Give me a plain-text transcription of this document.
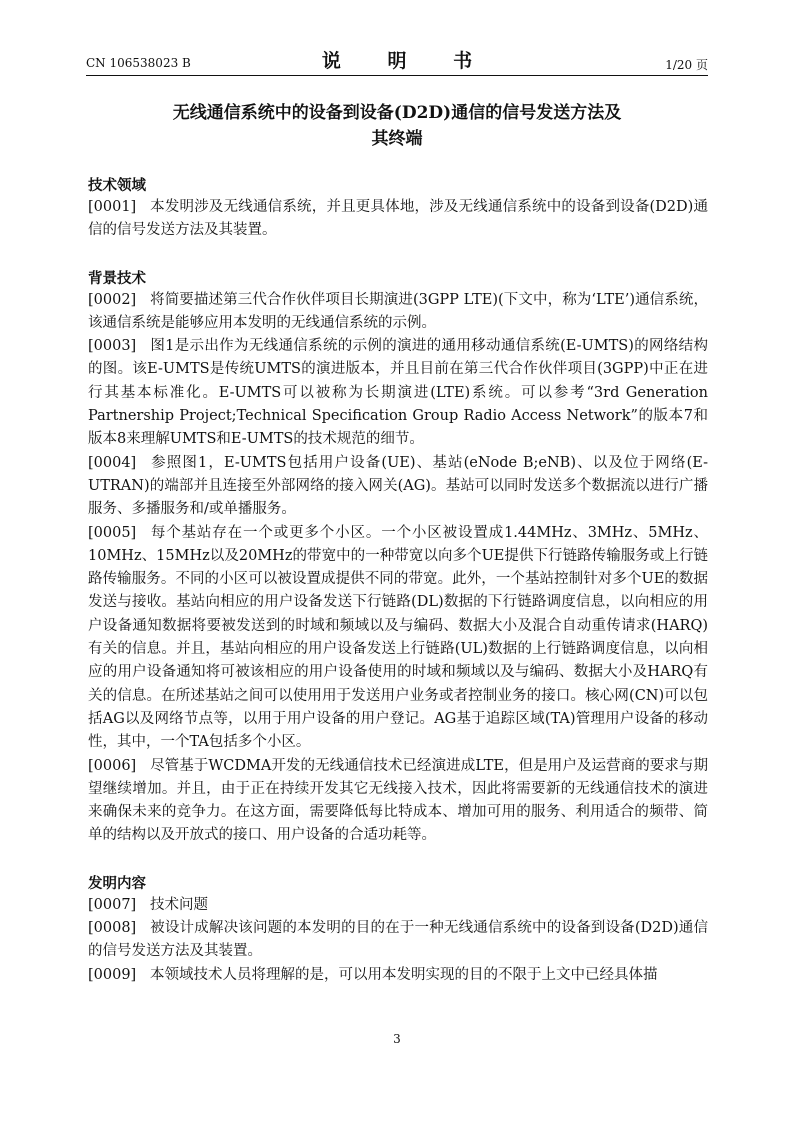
CN 106538023 B	说 明 书	1/20 页
无线通信系统中的设备到设备(D2D)通信的信号发送方法及
其终端
技术领域
[0001] 本发明涉及无线通信系统，并且更具体地，涉及无线通信系统中的设备到设备(D2D)通信的信号发送方法及其装置。
背景技术
[0002] 将简要描述第三代合作伙伴项目长期演进(3GPP LTE)(下文中，称为‘LTE’)通信系统，该通信系统是能够应用本发明的无线通信系统的示例。
[0003] 图1是示出作为无线通信系统的示例的演进的通用移动通信系统(E-UMTS)的网络结构的图。该E-UMTS是传统UMTS的演进版本，并且目前在第三代合作伙伴项目(3GPP)中正在进行其基本标准化。E-UMTS可以被称为长期演进(LTE)系统。可以参考“3rd Generation Partnership Project;Technical Specification Group Radio Access Network”的版本7和版本8来理解UMTS和E-UMTS的技术规范的细节。
[0004] 参照图1，E-UMTS包括用户设备(UE)、基站(eNode B;eNB)、以及位于网络(E-UTRAN)的端部并且连接至外部网络的接入网关(AG)。基站可以同时发送多个数据流以进行广播服务、多播服务和/或单播服务。
[0005] 每个基站存在一个或更多个小区。一个小区被设置成1.44MHz、3MHz、5MHz、10MHz、15MHz以及20MHz的带宽中的一种带宽以向多个UE提供下行链路传输服务或上行链路传输服务。不同的小区可以被设置成提供不同的带宽。此外，一个基站控制针对多个UE的数据发送与接收。基站向相应的用户设备发送下行链路(DL)数据的下行链路调度信息，以向相应的用户设备通知数据将要被发送到的时域和频域以及与编码、数据大小及混合自动重传请求(HARQ)有关的信息。并且，基站向相应的用户设备发送上行链路(UL)数据的上行链路调度信息，以向相应的用户设备通知将可被该相应的用户设备使用的时域和频域以及与编码、数据大小及HARQ有关的信息。在所述基站之间可以使用用于发送用户业务或者控制业务的接口。核心网(CN)可以包括AG以及网络节点等，以用于用户设备的用户登记。AG基于追踪区域(TA)管理用户设备的移动性，其中，一个TA包括多个小区。
[0006] 尽管基于WCDMA开发的无线通信技术已经演进成LTE，但是用户及运营商的要求与期望继续增加。并且，由于正在持续开发其它无线接入技术，因此将需要新的无线通信技术的演进来确保未来的竞争力。在这方面，需要降低每比特成本、增加可用的服务、利用适合的频带、简单的结构以及开放式的接口、用户设备的合适功耗等。
发明内容
[0007] 技术问题
[0008] 被设计成解决该问题的本发明的目的在于一种无线通信系统中的设备到设备(D2D)通信的信号发送方法及其装置。
[0009] 本领域技术人员将理解的是，可以用本发明实现的目的不限于上文中已经具体描
3
